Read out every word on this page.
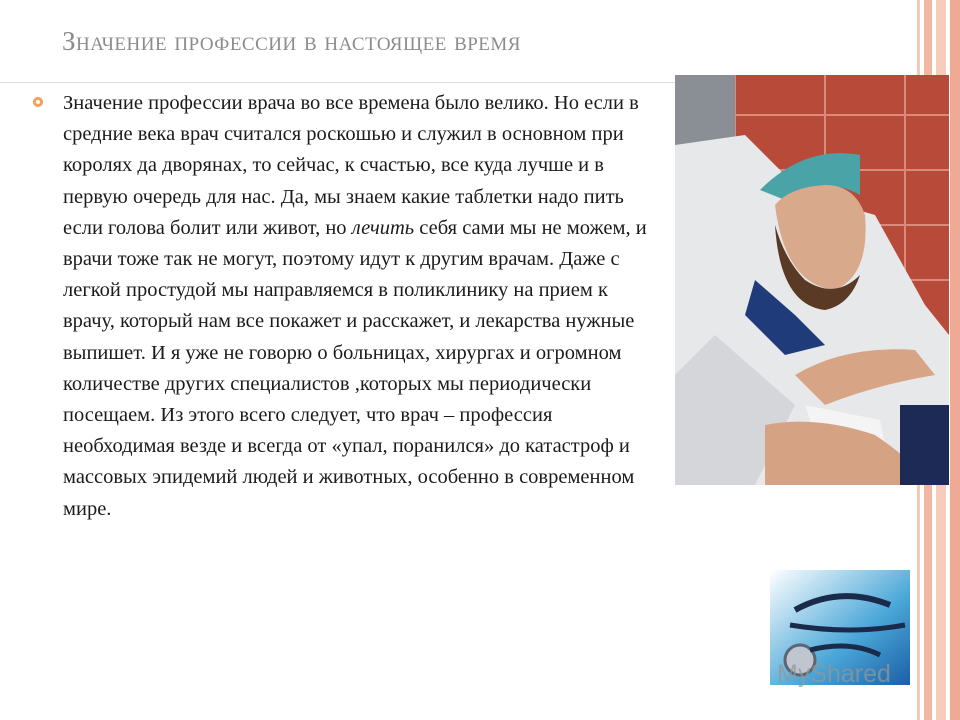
Значение профессии в настоящее время
Значение профессии врача во все времена было велико. Но если в средние века врач считался роскошью и служил в основном при королях да дворянах, то сейчас, к счастью, все куда лучше и в первую очередь для нас. Да, мы знаем какие таблетки надо пить если голова болит или живот, но лечить себя сами мы не можем, и врачи тоже так не могут, поэтому идут к другим врачам. Даже с легкой простудой мы направляемся в поликлинику на прием к врачу, который нам все покажет и расскажет, и лекарства нужные выпишет. И я уже не говорю о больницах, хирургах и огромном количестве других специалистов ,которых мы периодически посещаем. Из этого всего следует, что врач – профессия необходимая везде и всегда от «упал, поранился» до катастроф и массовых эпидемий людей и животных, особенно в современном мире.
MyShared
